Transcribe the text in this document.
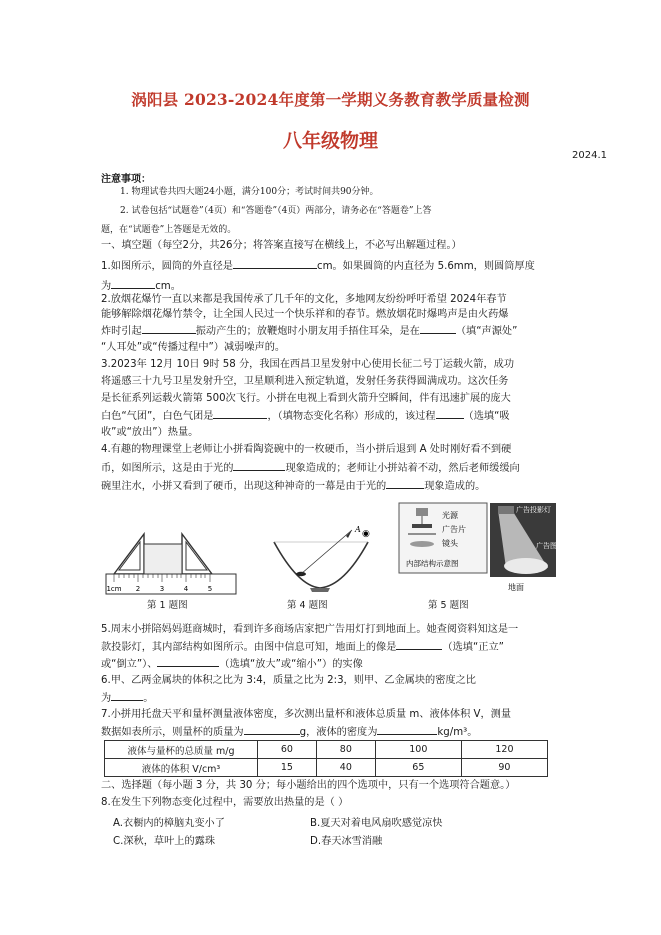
涡阳县 2023-2024年度第一学期义务教育教学质量检测
八年级物理
2024.1
注意事项：
1. 物理试卷共四大题24小题，满分100分；考试时间共90分钟。
2. 试卷包括“试题卷”（4页）和“答题卷”（4页）两部分，请务必在“答题卷”上答
题，在“试题卷”上答题是无效的。
一、填空题（每空2分，共26分；将答案直接写在横线上，不必写出解题过程。）
1.如图所示，圆筒的外直径是	cm。如果圆筒的内直径为 5.6mm，则圆筒厚度
为	cm。
2.放烟花爆竹一直以来都是我国传承了几千年的文化，多地网友纷纷呼吁希望 2024年春节
能够解除烟花爆竹禁令，让全国人民过一个快乐祥和的春节。燃放烟花时爆鸣声是由火药爆
炸时引起	振动产生的；放鞭炮时小朋友用手捂住耳朵，是在	（填“声源处”
“人耳处”或“传播过程中”）减弱噪声的。
3.2023年 12月 10日 9时 58 分，我国在西昌卫星发射中心使用长征二号丁运载火箭，成功
将遥感三十九号卫星发射升空，卫星顺利进入预定轨道，发射任务获得圆满成功。这次任务
是长征系列运载火箭第 500次飞行。小拼在电视上看到火箭升空瞬间，伴有迅速扩展的庞大
白色“气团”，白色气团是	，（填物态变化名称）形成的，该过程	（选填“吸
收”或“放出”）热量。
4.有趣的物理课堂上老师让小拼看陶瓷碗中的一枚硬币，当小拼后退到 A 处时刚好看不到硬
币，如图所示，这是由于光的	现象造成的；老师让小拼站着不动，然后老师缓缓向
碗里注水，小拼又看到了硬币，出现这种神奇的一幕是由于光的	现象造成的。
1cm 2	3	4	5
第 1 题图
A ◉
第 4 题图
光源
广告片
镜头
内部结构示意图
广告投影灯
广告图标
地面
第 5 题图
5.周末小拼陪妈妈逛商城时，看到许多商场店家把广告用灯打到地面上。她查阅资料知这是一
款投影灯，其内部结构如图所示。由图中信息可知，地面上的像是	（选填“正立”
或“倒立”）、	（选填“放大”或“缩小”）的实像
6.甲、乙两金属块的体积之比为 3:4，质量之比为 2:3，则甲、乙金属块的密度之比
为	。
7.小拼用托盘天平和量杯测量液体密度，多次测出量杯和液体总质量 m、液体体积 V，测量
数据如表所示，则量杯的质量为	g，液体的密度为	kg/m³。
液体与量杯的总质量 m/g	60	80	100	120
液体的体积 V/cm³	15	40	65	90
二、选择题（每小题 3 分，共 30 分；每小题给出的四个选项中，只有一个选项符合题意。）
8.在发生下列物态变化过程中，需要放出热量的是（ ）
A.衣橱内的樟脑丸变小了	B.夏天对着电风扇吹感觉凉快
C.深秋，草叶上的露珠	D.春天冰雪消融
